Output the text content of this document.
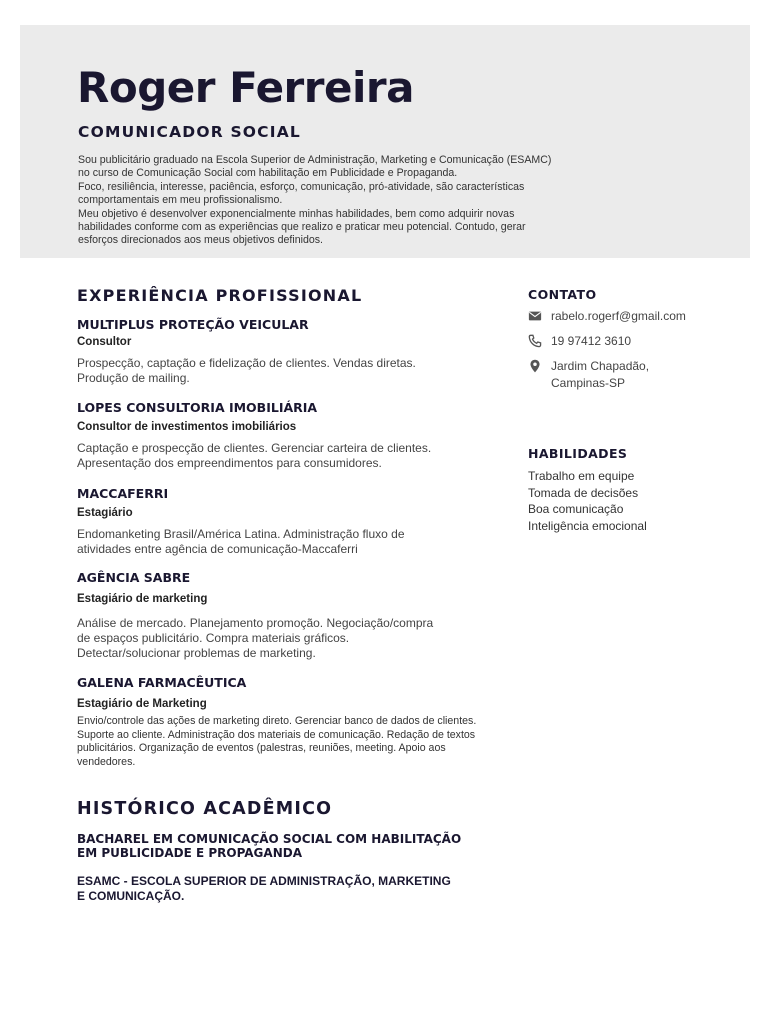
Roger Ferreira
COMUNICADOR SOCIAL

Sou publicitário graduado na Escola Superior de Administração, Marketing e Comunicação (ESAMC)

no curso de Comunicação Social com habilitação em Publicidade e Propaganda.

Foco, resiliência, interesse, paciência, esforço, comunicação, pró-atividade, são características

comportamentais em meu profissionalismo.

Meu objetivo é desenvolver exponencialmente minhas habilidades, bem como adquirir novas

habilidades conforme com as experiências que realizo e praticar meu potencial. Contudo, gerar

esforços direcionados aos meus objetivos definidos.

EXPERIÊNCIA PROFISSIONAL

MULTIPLUS PROTEÇÃO VEICULAR

Consultor

Prospecção, captação e fidelização de clientes. Vendas diretas.

Produção de mailing.

LOPES CONSULTORIA IMOBILIÁRIA

Consultor de investimentos imobiliários

Captação e prospecção de clientes. Gerenciar carteira de clientes.

Apresentação dos empreendimentos para consumidores.

MACCAFERRI

Estagiário

Endomanketing Brasil/América Latina. Administração fluxo de

atividades entre agência de comunicação-Maccaferri

AGÊNCIA SABRE

Estagiário de marketing

Análise de mercado. Planejamento promoção. Negociação/compra

de espaços publicitário. Compra materiais gráficos.

Detectar/solucionar problemas de marketing.

GALENA FARMACÊUTICA

Estagiário de Marketing

Envio/controle das ações de marketing direto. Gerenciar banco de dados de clientes.

Suporte ao cliente. Administração dos materiais de comunicação. Redação de textos

publicitários. Organização de eventos (palestras, reuniões, meeting. Apoio aos

vendedores.

HISTÓRICO ACADÊMICO

BACHAREL EM COMUNICAÇÃO SOCIAL COM HABILITAÇÃO

EM PUBLICIDADE E PROPAGANDA

ESAMC - ESCOLA SUPERIOR DE ADMINISTRAÇÃO, MARKETING

E COMUNICAÇÃO.

CONTATO

rabelo.rogerf@gmail.com
19 97412 3610
Jardim Chapadão,
Campinas-SP

HABILIDADES

Trabalho em equipe

Tomada de decisões

Boa comunicação

Inteligência emocional
